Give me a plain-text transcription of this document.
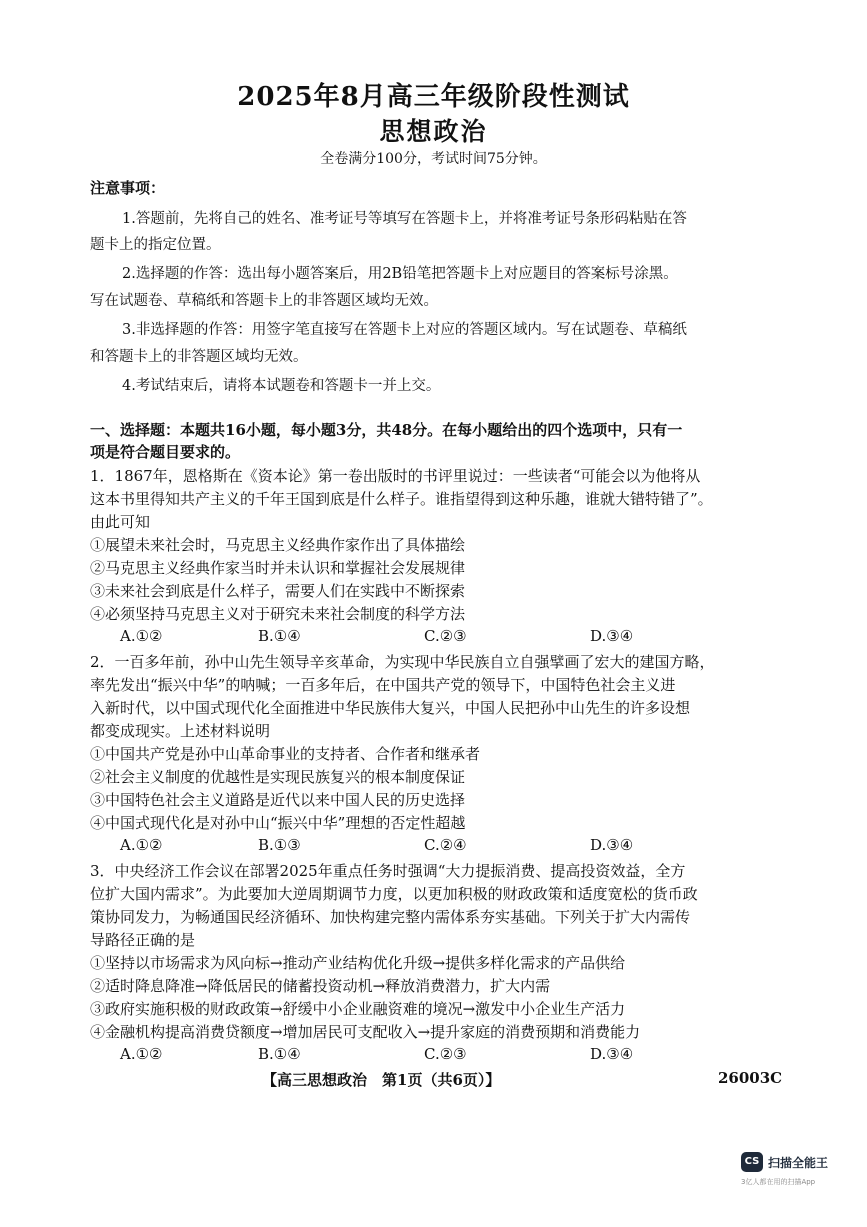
2025年8月高三年级阶段性测试
思想政治
全卷满分100分，考试时间75分钟。
注意事项：
1.答题前，先将自己的姓名、准考证号等填写在答题卡上，并将准考证号条形码粘贴在答
题卡上的指定位置。
2.选择题的作答：选出每小题答案后，用2B铅笔把答题卡上对应题目的答案标号涂黑。
写在试题卷、草稿纸和答题卡上的非答题区域均无效。
3.非选择题的作答：用签字笔直接写在答题卡上对应的答题区域内。写在试题卷、草稿纸
和答题卡上的非答题区域均无效。
4.考试结束后，请将本试题卷和答题卡一并上交。
一、选择题：本题共16小题，每小题3分，共48分。在每小题给出的四个选项中，只有一
项是符合题目要求的。
1．1867年，恩格斯在《资本论》第一卷出版时的书评里说过：一些读者“可能会以为他将从
这本书里得知共产主义的千年王国到底是什么样子。谁指望得到这种乐趣，谁就大错特错了”。
由此可知
①展望未来社会时，马克思主义经典作家作出了具体描绘
②马克思主义经典作家当时并未认识和掌握社会发展规律
③未来社会到底是什么样子，需要人们在实践中不断探索
④必须坚持马克思主义对于研究未来社会制度的科学方法
A.①②	B.①④	C.②③	D.③④
2．一百多年前，孙中山先生领导辛亥革命，为实现中华民族自立自强擘画了宏大的建国方略，
率先发出“振兴中华”的呐喊；一百多年后，在中国共产党的领导下，中国特色社会主义进
入新时代，以中国式现代化全面推进中华民族伟大复兴，中国人民把孙中山先生的许多设想
都变成现实。上述材料说明
①中国共产党是孙中山革命事业的支持者、合作者和继承者
②社会主义制度的优越性是实现民族复兴的根本制度保证
③中国特色社会主义道路是近代以来中国人民的历史选择
④中国式现代化是对孙中山“振兴中华”理想的否定性超越
A.①②	B.①③	C.②④	D.③④
3．中央经济工作会议在部署2025年重点任务时强调“大力提振消费、提高投资效益，全方
位扩大国内需求”。为此要加大逆周期调节力度，以更加积极的财政政策和适度宽松的货币政
策协同发力，为畅通国民经济循环、加快构建完整内需体系夯实基础。下列关于扩大内需传
导路径正确的是
①坚持以市场需求为风向标→推动产业结构优化升级→提供多样化需求的产品供给
②适时降息降准→降低居民的储蓄投资动机→释放消费潜力，扩大内需
③政府实施积极的财政政策→舒缓中小企业融资难的境况→激发中小企业生产活力
④金融机构提高消费贷额度→增加居民可支配收入→提升家庭的消费预期和消费能力
A.①②	B.①④	C.②③	D.③④
【高三思想政治　第1页（共6页）】	26003C
CS 扫描全能王
3亿人都在用的扫描App
